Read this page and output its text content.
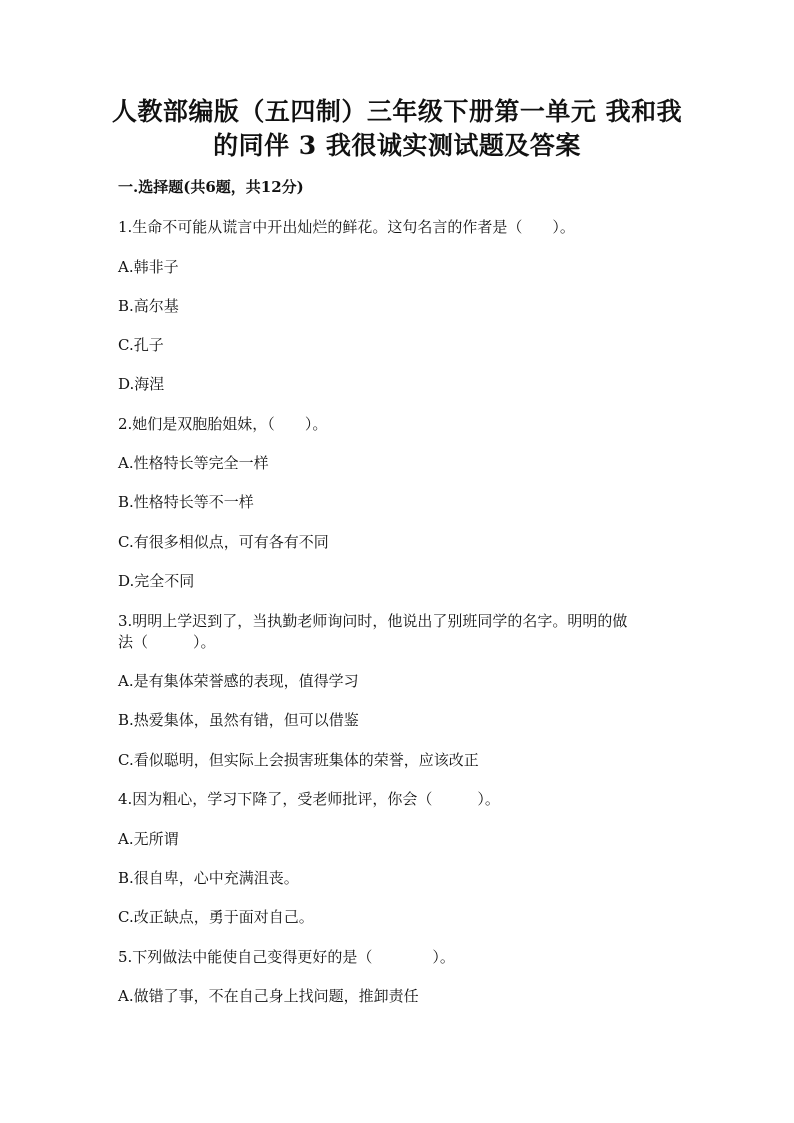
人教部编版（五四制）三年级下册第一单元 我和我
的同伴 3 我很诚实测试题及答案
一.选择题(共6题，共12分)
1.生命不可能从谎言中开出灿烂的鲜花。这句名言的作者是（　　）。
A.韩非子
B.高尔基
C.孔子
D.海涅
2.她们是双胞胎姐妹，（　　）。
A.性格特长等完全一样
B.性格特长等不一样
C.有很多相似点，可有各有不同
D.完全不同
3.明明上学迟到了，当执勤老师询问时，他说出了别班同学的名字。明明的做
法（　　　）。
A.是有集体荣誉感的表现，值得学习
B.热爱集体，虽然有错，但可以借鉴
C.看似聪明，但实际上会损害班集体的荣誉，应该改正
4.因为粗心，学习下降了，受老师批评，你会（　　　）。
A.无所谓
B.很自卑，心中充满沮丧。
C.改正缺点，勇于面对自己。
5.下列做法中能使自己变得更好的是（　　　　）。
A.做错了事，不在自己身上找问题，推卸责任
